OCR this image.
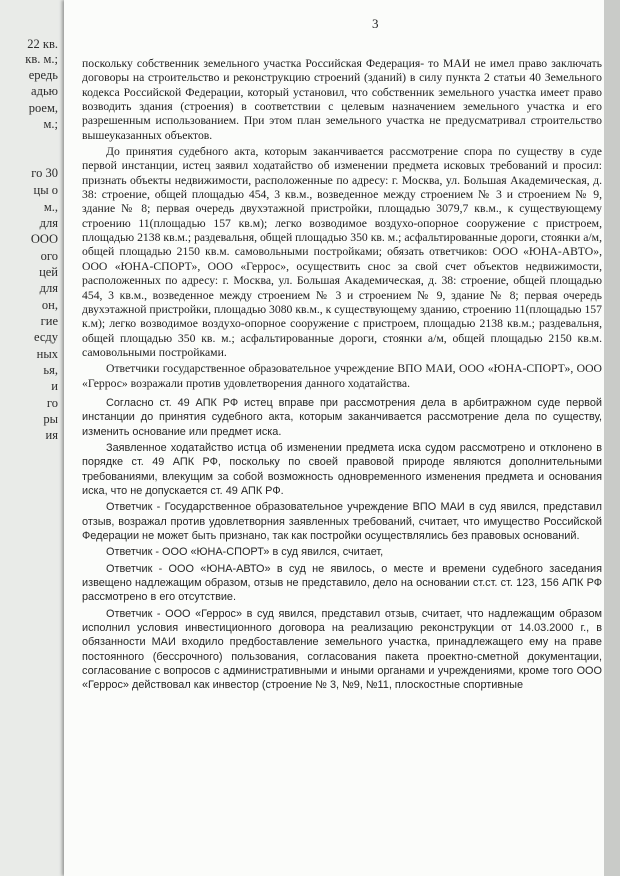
22 кв.
кв. м.;
ередь
адью
роем,
м.;
го 30
цы о
м.,
для
ООО
ого
цей
для
он,
гие
есду
ных
ья,
и
го
ры
ия
3

поскольку собственник земельного участка Российская Федерация- то МАИ не имел право заключать договоры на строительство и реконструкцию строений (зданий) в силу пункта 2 статьи 40 Земельного кодекса Российской Федерации, который установил, что собственник земельного участка имеет право возводить здания (строения) в соответствии с целевым назначением земельного участка и его разрешенным использованием. При этом план земельного участка не предусматривал строительство вышеуказанных объектов.

До принятия судебного акта, которым заканчивается рассмотрение спора по существу в суде первой инстанции, истец заявил ходатайство об изменении предмета исковых требований и просил: признать объекты недвижимости, расположенные по адресу: г. Москва, ул. Большая Академическая, д. 38: строение, общей площадью 454, 3 кв.м., возведенное между строением № 3 и строением № 9, здание № 8; первая очередь двухэтажной пристройки, площадью 3079,7 кв.м., к существующему строению 11(площадью 157 кв.м); легко возводимое воздухо-опорное сооружение с пристроем, площадью 2138 кв.м.; раздевальня, общей площадью 350 кв. м.; асфальтированные дороги, стоянки а/м, общей площадью 2150 кв.м. самовольными постройками; обязать ответчиков: ООО «ЮНА-АВТО», ООО «ЮНА-СПОРТ», ООО «Геррос», осуществить снос за свой счет объектов недвижимости, расположенных по адресу: г. Москва, ул. Большая Академическая, д. 38: строение, общей площадью 454, 3 кв.м., возведенное между строением № 3 и строением № 9, здание № 8; первая очередь двухэтажной пристройки, площадью 3080 кв.м., к существующему зданию, строению 11(площадью 157 к.м); легко возводимое воздухо-опорное сооружение с пристроем, площадью 2138 кв.м.; раздевальня, общей площадью 350 кв. м.; асфальтированные дороги, стоянки а/м, общей площадью 2150 кв.м. самовольными постройками.

Ответчики государственное образовательное учреждение ВПО МАИ, ООО «ЮНА-СПОРТ», ООО «Геррос» возражали против удовлетворения данного ходатайства.

Согласно ст. 49 АПК РФ истец вправе при рассмотрения дела в арбитражном суде первой инстанции до принятия судебного акта, которым заканчивается рассмотрение дела по существу, изменить основание или предмет иска.

Заявленное ходатайство истца об изменении предмета иска судом рассмотрено и отклонено в порядке ст. 49 АПК РФ, поскольку по своей правовой природе являются дополнительными требованиями, влекущим за собой возможность одновременного изменения предмета и основания иска, что не допускается ст. 49 АПК РФ.

Ответчик - Государственное образовательное учреждение ВПО МАИ в суд явился, представил отзыв, возражал против удовлетворния заявленных требований, считает, что имущество Российской Федерации не может быть признано, так как постройки осуществлялись без правовых оснований.

Ответчик - ООО «ЮНА-СПОРТ» в суд явился, считает,

Ответчик - ООО «ЮНА-АВТО» в суд не явилось, о месте и времени судебного заседания извещено надлежащим образом, отзыв не представило, дело на основании ст.ст. ст. 123, 156 АПК РФ рассмотрено в его отсутствие.

Ответчик - ООО «Геррос» в суд явился, представил отзыв, считает, что надлежащим образом исполнил условия инвестиционного договора на реализацию реконструкции от 14.03.2000 г., в обязанности МАИ входило предбоставление земельного участка, принадлежащего ему на праве постоянного (бессрочного) пользования, согласования пакета проектно-сметной документации, согласование с вопросов с административными и иными органами и учреждениями, кроме того ООО «Геррос» действовал как инвестор (строение № 3, №9, №11, плоскостные спортивные
